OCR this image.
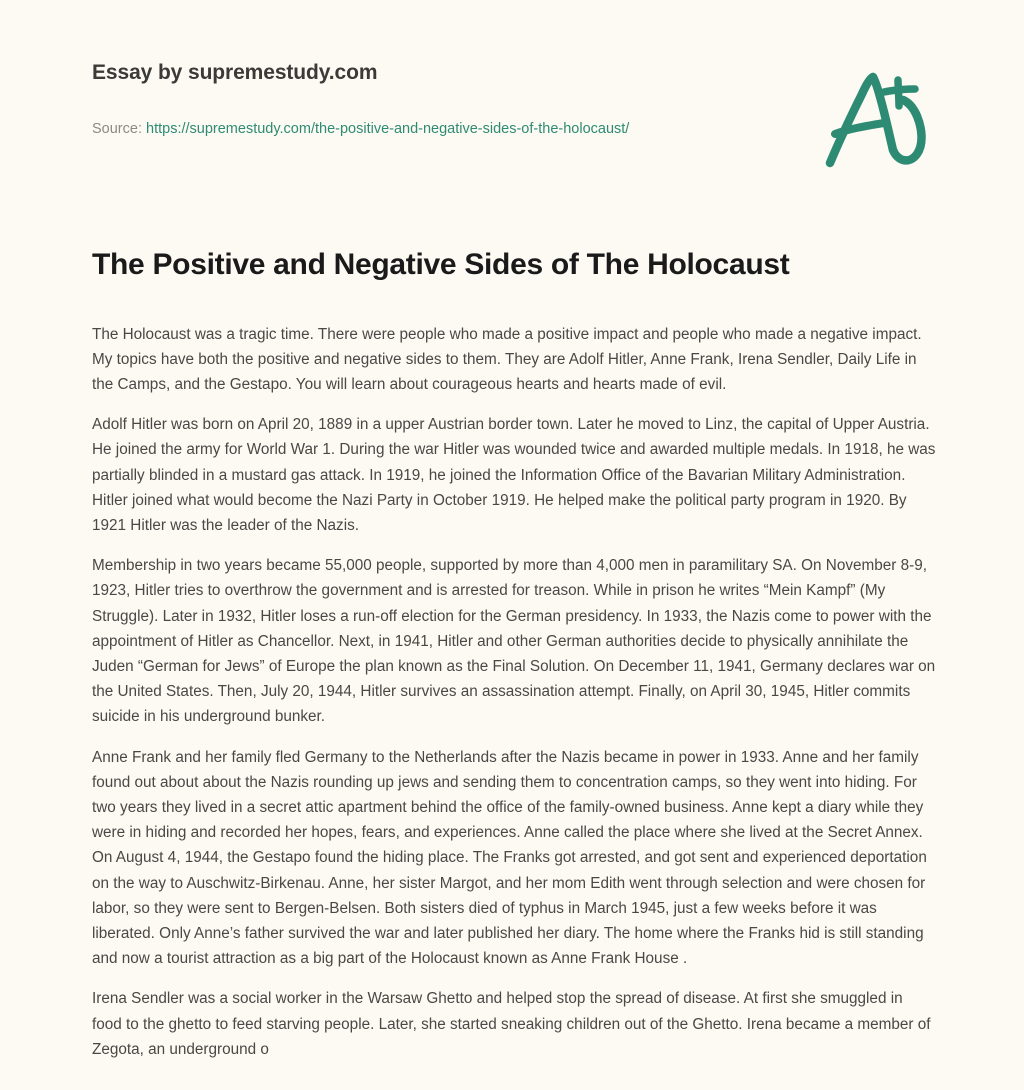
Essay by supremestudy.com
Source: https://supremestudy.com/the-positive-and-negative-sides-of-the-holocaust/
The Positive and Negative Sides of The Holocaust

The Holocaust was a tragic time. There were people who made a positive impact and people who made a negative impact. My topics have both the positive and negative sides to them. They are Adolf Hitler, Anne Frank, Irena Sendler, Daily Life in the Camps, and the Gestapo. You will learn about courageous hearts and hearts made of evil.

Adolf Hitler was born on April 20, 1889 in a upper Austrian border town. Later he moved to Linz, the capital of Upper Austria. He joined the army for World War 1. During the war Hitler was wounded twice and awarded multiple medals. In 1918, he was partially blinded in a mustard gas attack. In 1919, he joined the Information Office of the Bavarian Military Administration. Hitler joined what would become the Nazi Party in October 1919. He helped make the political party program in 1920. By 1921 Hitler was the leader of the Nazis.

Membership in two years became 55,000 people, supported by more than 4,000 men in paramilitary SA. On November 8-9, 1923, Hitler tries to overthrow the government and is arrested for treason. While in prison he writes “Mein Kampf” (My Struggle). Later in 1932, Hitler loses a run-off election for the German presidency. In 1933, the Nazis come to power with the appointment of Hitler as Chancellor. Next, in 1941, Hitler and other German authorities decide to physically annihilate the Juden “German for Jews” of Europe the plan known as the Final Solution. On December 11, 1941, Germany declares war on the United States. Then, July 20, 1944, Hitler survives an assassination attempt. Finally, on April 30, 1945, Hitler commits suicide in his underground bunker.

Anne Frank and her family fled Germany to the Netherlands after the Nazis became in power in 1933. Anne and her family found out about about the Nazis rounding up jews and sending them to concentration camps, so they went into hiding. For two years they lived in a secret attic apartment behind the office of the family-owned business. Anne kept a diary while they were in hiding and recorded her hopes, fears, and experiences. Anne called the place where she lived at the Secret Annex. On August 4, 1944, the Gestapo found the hiding place. The Franks got arrested, and got sent and experienced deportation on the way to Auschwitz-Birkenau. Anne, her sister Margot, and her mom Edith went through selection and were chosen for labor, so they were sent to Bergen-Belsen. Both sisters died of typhus in March 1945, just a few weeks before it was liberated. Only Anne’s father survived the war and later published her diary. The home where the Franks hid is still standing and now a tourist attraction as a big part of the Holocaust known as Anne Frank House .

Irena Sendler was a social worker in the Warsaw Ghetto and helped stop the spread of disease. At first she smuggled in food to the ghetto to feed starving people. Later, she started sneaking children out of the Ghetto. Irena became a member of Zegota, an underground o
